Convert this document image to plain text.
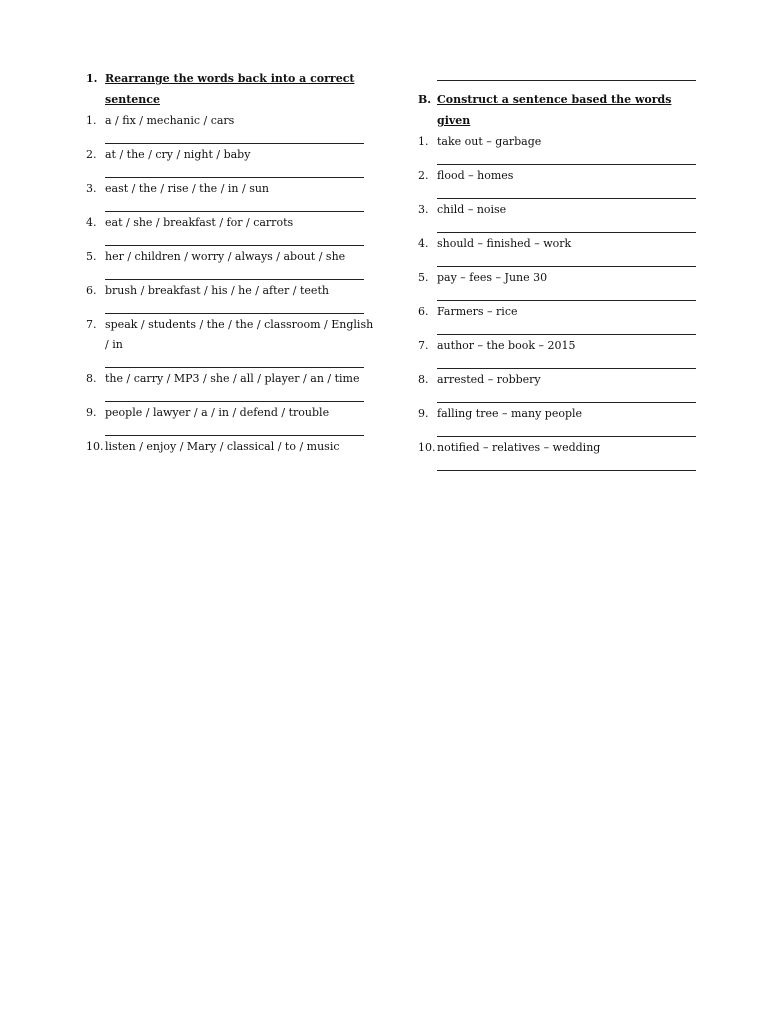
1. Rearrange the words back into a correct sentence
1. a / fix / mechanic / cars
2. at / the / cry / night / baby
3. east / the / rise / the / in / sun
4. eat / she / breakfast / for / carrots
5. her / children / worry / always / about / she
6. brush / breakfast / his / he / after / teeth
7. speak / students / the / the / classroom / English / in
8. the / carry / MP3 / she / all / player / an / time
9. people / lawyer / a / in / defend / trouble
10. listen / enjoy / Mary / classical / to / music
B. Construct a sentence based the words given
1. take out – garbage
2. flood – homes
3. child – noise
4. should – finished – work
5. pay – fees – June 30
6. Farmers – rice
7. author – the book – 2015
8. arrested – robbery
9. falling tree – many people
10. notified – relatives – wedding
